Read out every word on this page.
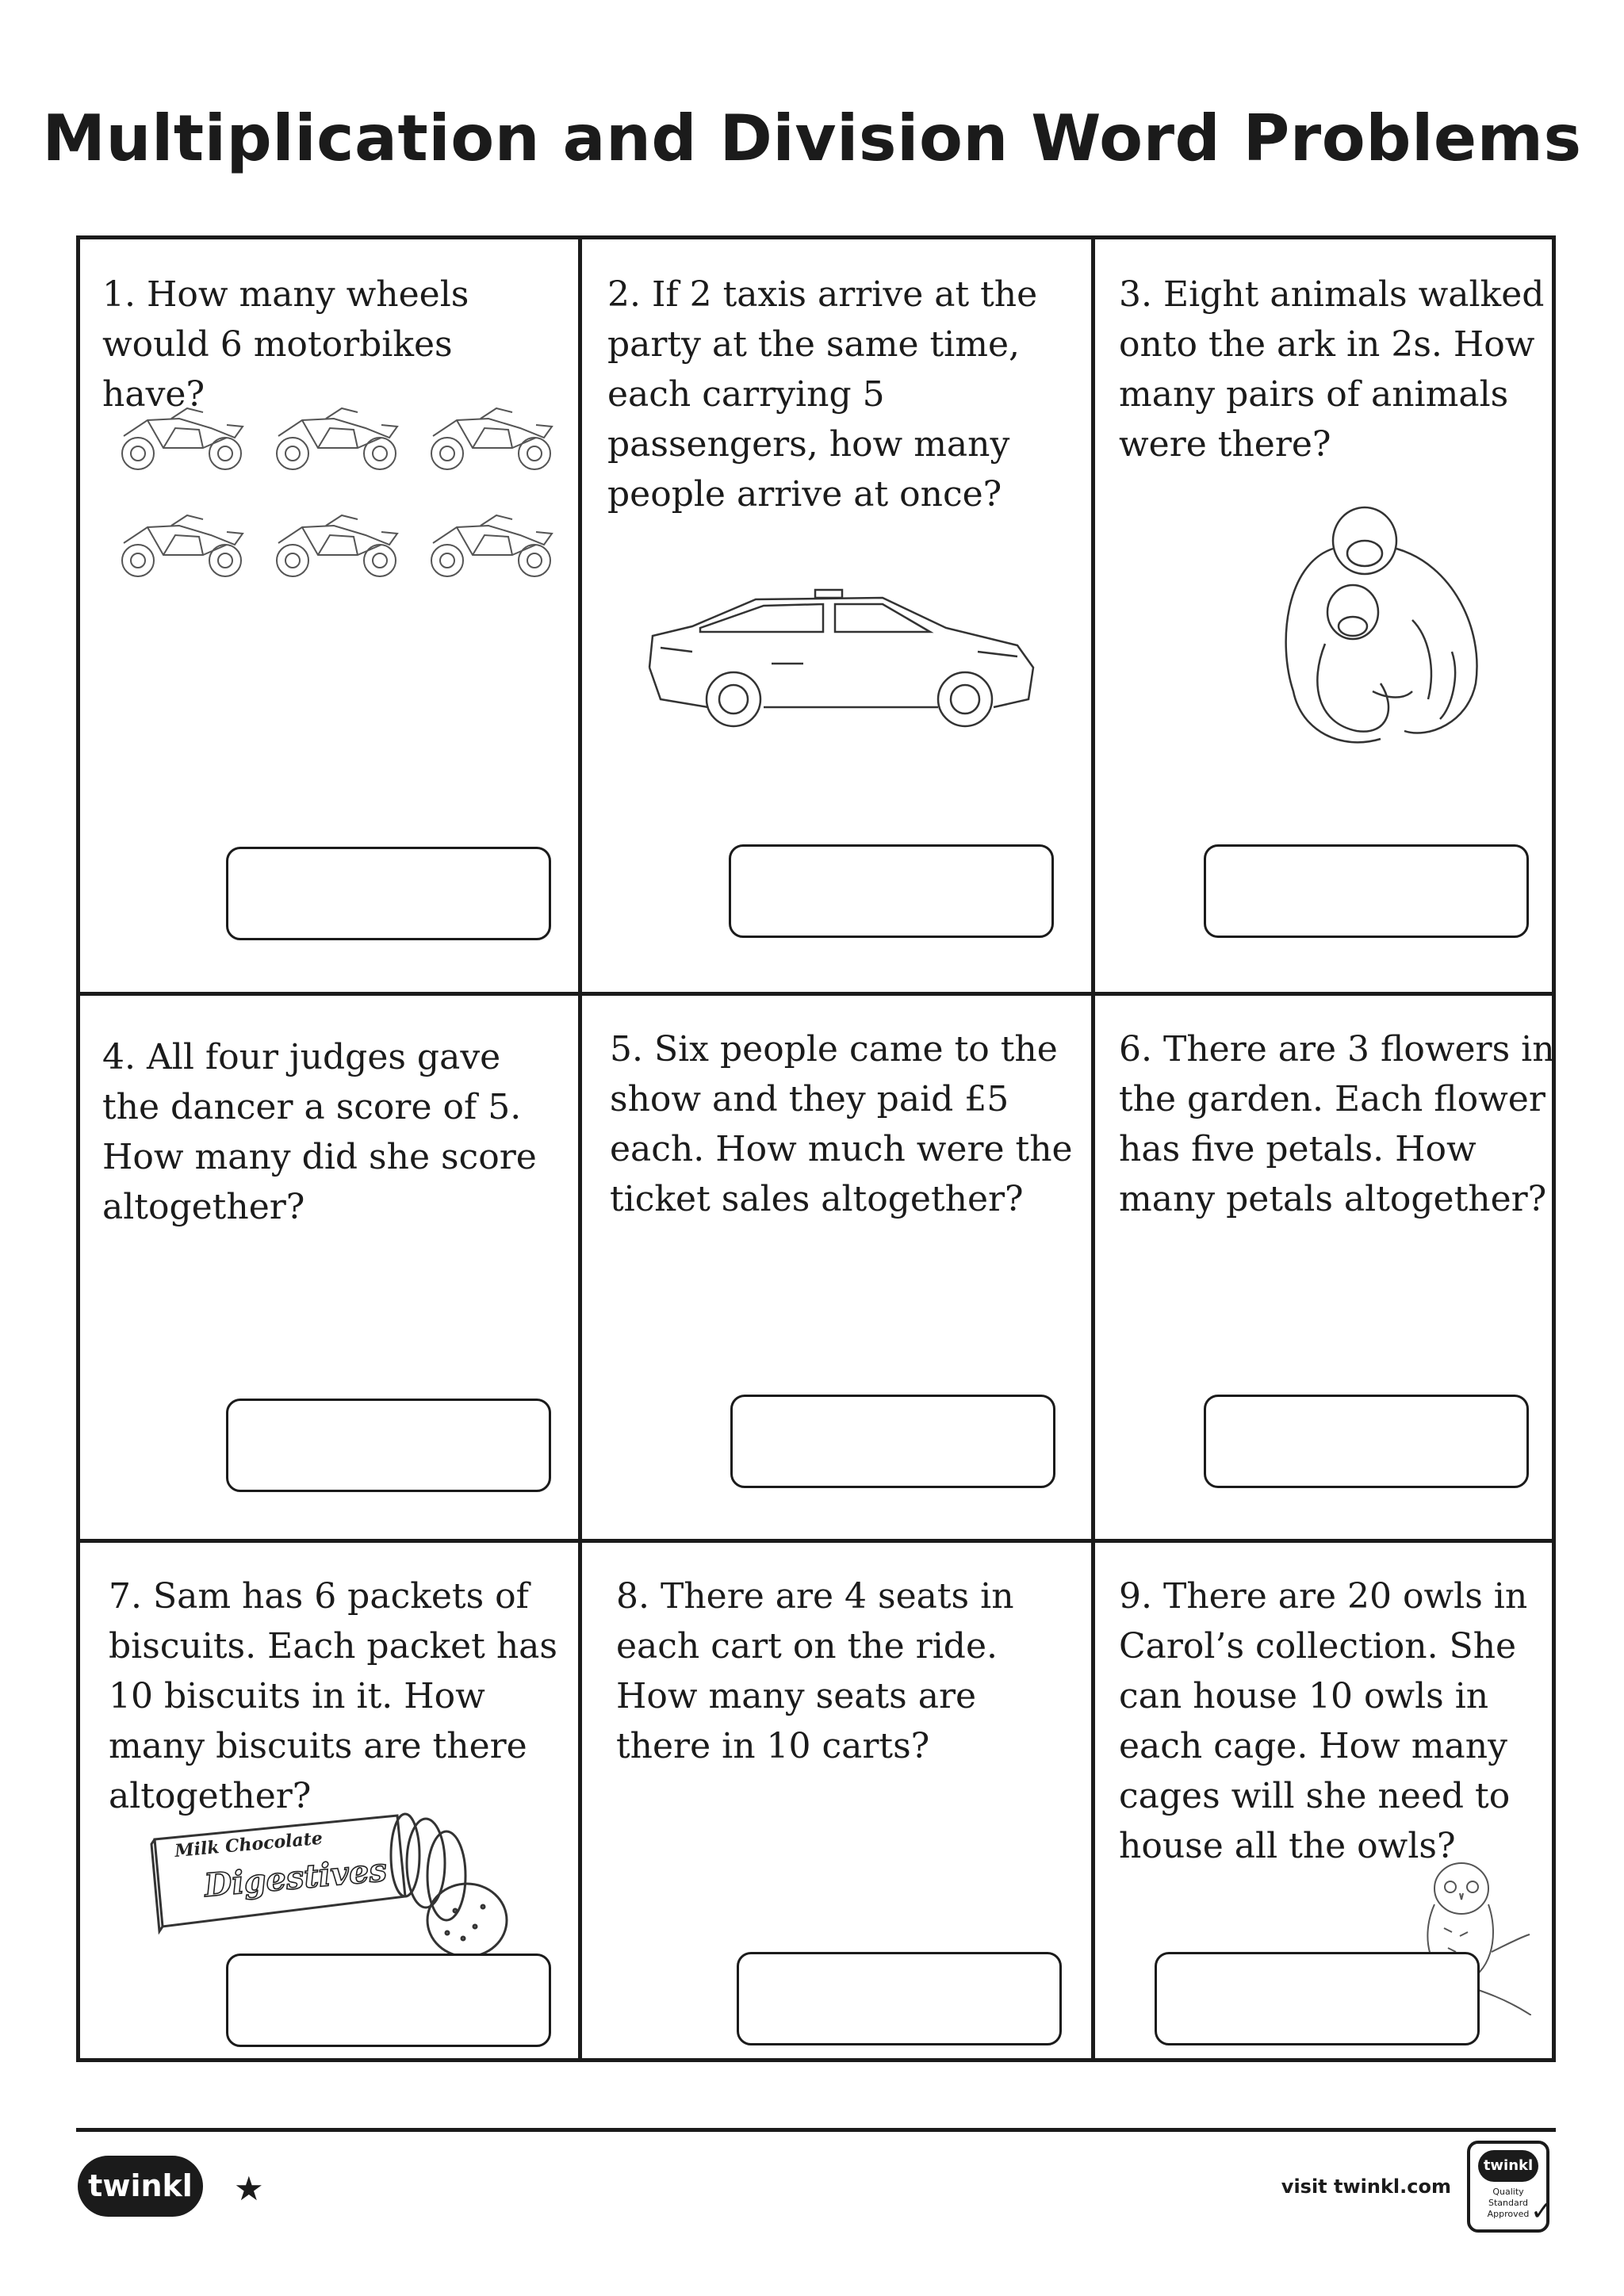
Multiplication and Division Word Problems

1. How many wheels would 6 motorbikes have?

2. If 2 taxis arrive at the party at the same time, each carrying 5 passengers, how many people arrive at once?

3. Eight animals walked onto the ark in 2s. How many pairs of animals were there?

4. All four judges gave the dancer a score of 5. How many did she score altogether?

5. Six people came to the show and they paid £5 each. How much were the ticket sales altogether?

6. There are 3 flowers in the garden. Each flower has five petals. How many petals altogether?

7. Sam has 6 packets of biscuits. Each packet has 10 biscuits in it. How many biscuits are there altogether?

Milk Chocolate
Digestives

8. There are 4 seats in each cart on the ride. How many seats are there in 10 carts?

9. There are 20 owls in Carol’s collection. She can house 10 owls in each cage. How many cages will she need to house all the owls?

twinkl	★	visit twinkl.com
twinkl
Quality Standard Approved ✓
